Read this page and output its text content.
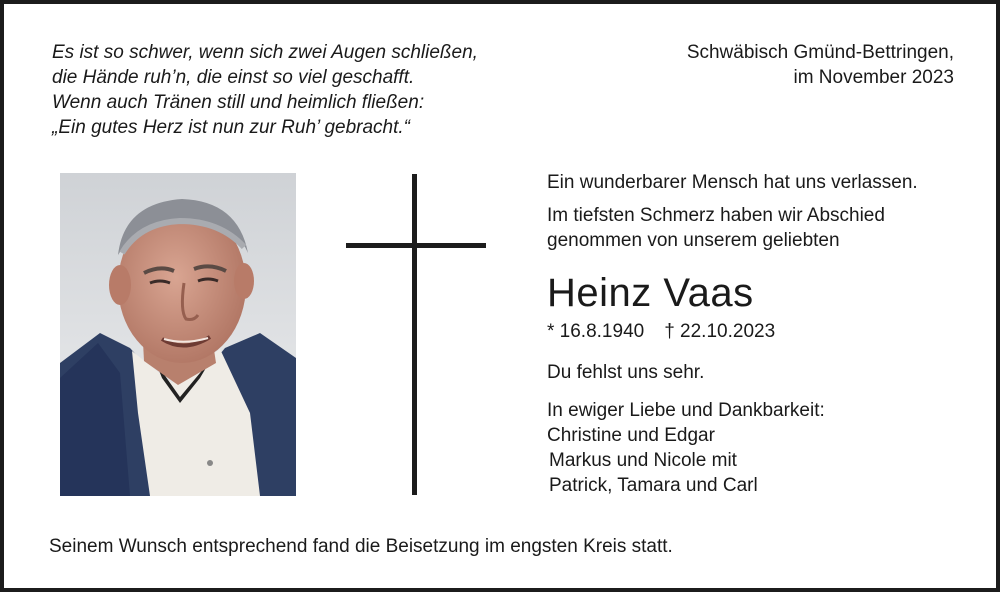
Es ist so schwer, wenn sich zwei Augen schließen,
die Hände ruh’n, die einst so viel geschafft.
Wenn auch Tränen still und heimlich fließen:
„Ein gutes Herz ist nun zur Ruh’ gebracht.“
Schwäbisch Gmünd-Bettringen,
im November 2023

Ein wunderbarer Mensch hat uns verlassen.

Im tiefsten Schmerz haben wir Abschied

genommen von unserem geliebten

Heinz Vaas

* 16.8.1940 † 22.10.2023

Du fehlst uns sehr.

In ewiger Liebe und Dankbarkeit:

Christine und Edgar

Markus und Nicole mit

Patrick, Tamara und Carl

Seinem Wunsch entsprechend fand die Beisetzung im engsten Kreis statt.
